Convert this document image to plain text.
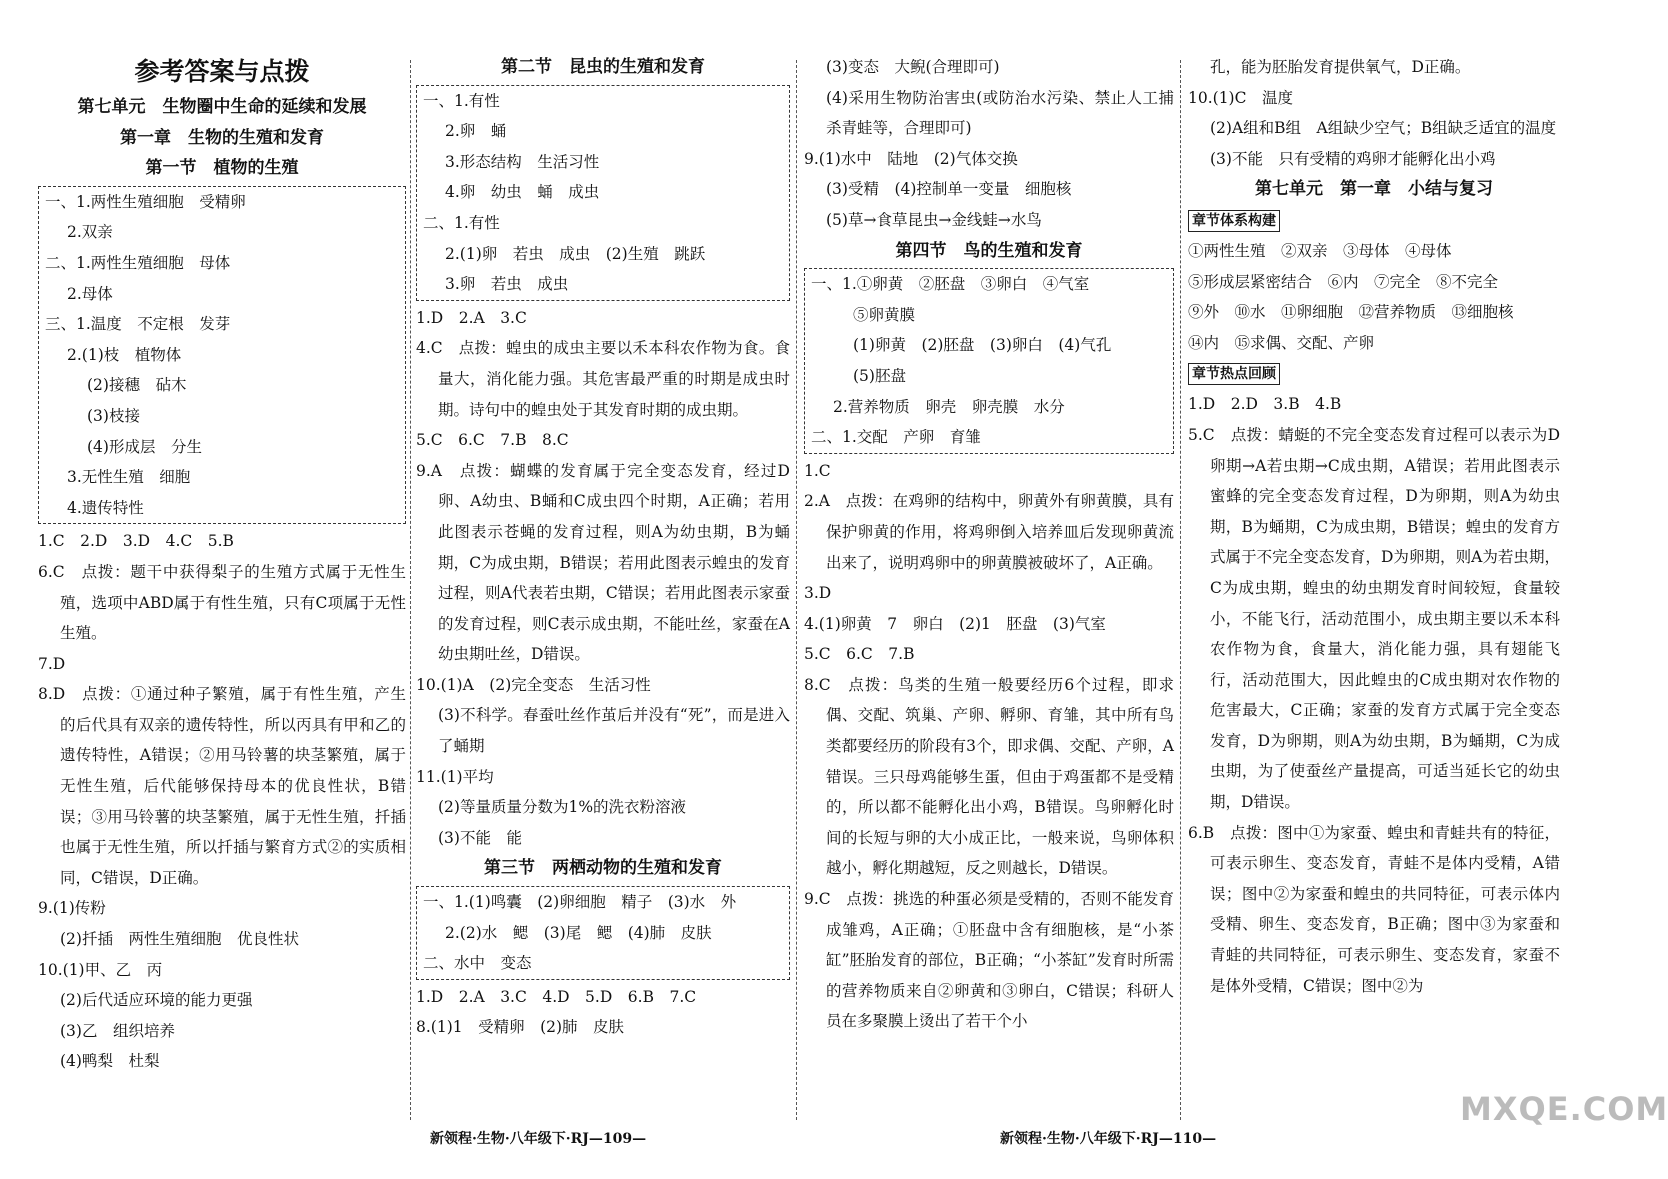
参考答案与点拨
第七单元　生物圈中生命的延续和发展
第一章　生物的生殖和发育
第一节　植物的生殖
一、1.两性生殖细胞　受精卵
2.双亲
二、1.两性生殖细胞　母体
2.母体
三、1.温度　不定根　发芽
2.(1)枝　植物体
(2)接穗　砧木
(3)枝接
(4)形成层　分生
3.无性生殖　细胞
4.遗传特性
1.C　2.D　3.D　4.C　5.B
6.C　点拨：题干中获得梨子的生殖方式属于无性生殖，选项中ABD属于有性生殖，只有C项属于无性生殖。
7.D
8.D　点拨：①通过种子繁殖，属于有性生殖，产生的后代具有双亲的遗传特性，所以丙具有甲和乙的遗传特性，A错误；②用马铃薯的块茎繁殖，属于无性生殖，后代能够保持母本的优良性状，B错误；③用马铃薯的块茎繁殖，属于无性生殖，扦插也属于无性生殖，所以扦插与繁育方式②的实质相同，C错误，D正确。
9.(1)传粉
(2)扦插　两性生殖细胞　优良性状
10.(1)甲、乙　丙
(2)后代适应环境的能力更强
(3)乙　组织培养
(4)鸭梨　杜梨
第二节　昆虫的生殖和发育
一、1.有性
2.卵　蛹
3.形态结构　生活习性
4.卵　幼虫　蛹　成虫
二、1.有性
2.(1)卵　若虫　成虫　(2)生殖　跳跃
3.卵　若虫　成虫
1.D　2.A　3.C
4.C　点拨：蝗虫的成虫主要以禾本科农作物为食。食量大，消化能力强。其危害最严重的时期是成虫时期。诗句中的蝗虫处于其发育时期的成虫期。
5.C　6.C　7.B　8.C
9.A　点拨：蝴蝶的发育属于完全变态发育，经过D卵、A幼虫、B蛹和C成虫四个时期，A正确；若用此图表示苍蝇的发育过程，则A为幼虫期，B为蛹期，C为成虫期，B错误；若用此图表示蝗虫的发育过程，则A代表若虫期，C错误；若用此图表示家蚕的发育过程，则C表示成虫期，不能吐丝，家蚕在A幼虫期吐丝，D错误。
10.(1)A　(2)完全变态　生活习性
(3)不科学。春蚕吐丝作茧后并没有“死”，而是进入了蛹期
11.(1)平均
(2)等量质量分数为1%的洗衣粉溶液
(3)不能　能
第三节　两栖动物的生殖和发育
一、1.(1)鸣囊　(2)卵细胞　精子　(3)水　外
2.(2)水　鳃　(3)尾　鳃　(4)肺　皮肤
二、水中　变态
1.D　2.A　3.C　4.D　5.D　6.B　7.C
8.(1)1　受精卵　(2)肺　皮肤
(3)变态　大鲵(合理即可)
(4)采用生物防治害虫(或防治水污染、禁止人工捕杀青蛙等，合理即可)
9.(1)水中　陆地　(2)气体交换
(3)受精　(4)控制单一变量　细胞核
(5)草→食草昆虫→金线蛙→水鸟
第四节　鸟的生殖和发育
一、1.①卵黄　②胚盘　③卵白　④气室
⑤卵黄膜
(1)卵黄　(2)胚盘　(3)卵白　(4)气孔
(5)胚盘
2.营养物质　卵壳　卵壳膜　水分
二、1.交配　产卵　育雏
1.C
2.A　点拨：在鸡卵的结构中，卵黄外有卵黄膜，具有保护卵黄的作用，将鸡卵倒入培养皿后发现卵黄流出来了，说明鸡卵中的卵黄膜被破坏了，A正确。
3.D
4.(1)卵黄　7　卵白　(2)1　胚盘　(3)气室
5.C　6.C　7.B
8.C　点拨：鸟类的生殖一般要经历6个过程，即求偶、交配、筑巢、产卵、孵卵、育雏，其中所有鸟类都要经历的阶段有3个，即求偶、交配、产卵，A错误。三只母鸡能够生蛋，但由于鸡蛋都不是受精的，所以都不能孵化出小鸡，B错误。鸟卵孵化时间的长短与卵的大小成正比，一般来说，鸟卵体积越小，孵化期越短，反之则越长，D错误。
9.C　点拨：挑选的种蛋必须是受精的，否则不能发育成雏鸡，A正确；①胚盘中含有细胞核，是“小茶缸”胚胎发育的部位，B正确；“小茶缸”发育时所需的营养物质来自②卵黄和③卵白，C错误；科研人员在多聚膜上烫出了若干个小
孔，能为胚胎发育提供氧气，D正确。
10.(1)C　温度
(2)A组和B组　A组缺少空气；B组缺乏适宜的温度
(3)不能　只有受精的鸡卵才能孵化出小鸡
第七单元　第一章　小结与复习
章节体系构建
①两性生殖　②双亲　③母体　④母体
⑤形成层紧密结合　⑥内　⑦完全　⑧不完全
⑨外　⑩水　⑪卵细胞　⑫营养物质　⑬细胞核
⑭内　⑮求偶、交配、产卵
章节热点回顾
1.D　2.D　3.B　4.B
5.C　点拨：蜻蜓的不完全变态发育过程可以表示为D卵期→A若虫期→C成虫期，A错误；若用此图表示蜜蜂的完全变态发育过程，D为卵期，则A为幼虫期，B为蛹期，C为成虫期，B错误；蝗虫的发育方式属于不完全变态发育，D为卵期，则A为若虫期，C为成虫期，蝗虫的幼虫期发育时间较短，食量较小，不能飞行，活动范围小，成虫期主要以禾本科农作物为食，食量大，消化能力强，具有翅能飞行，活动范围大，因此蝗虫的C成虫期对农作物的危害最大，C正确；家蚕的发育方式属于完全变态发育，D为卵期，则A为幼虫期，B为蛹期，C为成虫期，为了使蚕丝产量提高，可适当延长它的幼虫期，D错误。
6.B　点拨：图中①为家蚕、蝗虫和青蛙共有的特征，可表示卵生、变态发育，青蛙不是体内受精，A错误；图中②为家蚕和蝗虫的共同特征，可表示体内受精、卵生、变态发育，B正确；图中③为家蚕和青蛙的共同特征，可表示卵生、变态发育，家蚕不是体外受精，C错误；图中②为
新领程·生物·八年级下·RJ—109—	新领程·生物·八年级下·RJ—110—
MXQE.COM
